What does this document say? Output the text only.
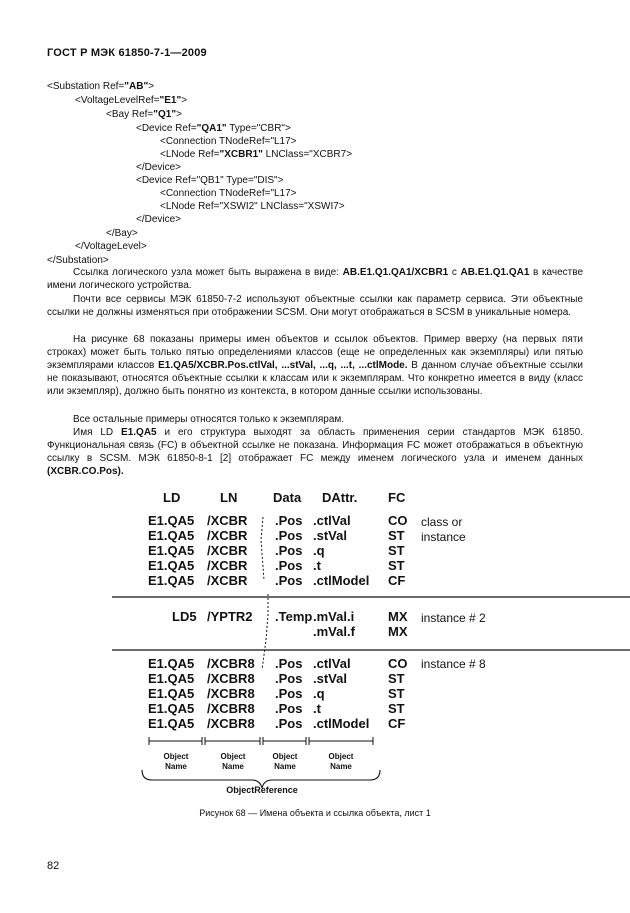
ГОСТ Р МЭК 61850-7-1—2009
<Substation Ref="AB">
<VoltageLevelRef="E1">
<Bay Ref="Q1">
<Device Ref="QA1" Type="CBR">
<Connection TNodeRef="L17>
<LNode Ref="XCBR1" LNClass="XCBR7>
</Device>
<Device Ref="QB1" Type="DIS">
<Connection TNodeRef="L17>
<LNode Ref="XSWI2" LNClass="XSWI7>
</Device>
</Bay>
</VoltageLevel>
</Substation>
Ссылка логического узла может быть выражена в виде: AB.E1.Q1.QA1/XCBR1 с AB.E1.Q1.QA1 в качестве имени логического устройства.
Почти все сервисы МЭК 61850-7-2 используют объектные ссылки как параметр сервиса. Эти объектные ссылки не должны изменяться при отображении SCSM. Они могут отображаться в SCSM в уникальные номера.
На рисунке 68 показаны примеры имен объектов и ссылок объектов. Пример вверху (на первых пяти строках) может быть только пятью определениями классов (еще не определенных как экземпляры) или пятью экземплярами классов E1.QA5/XCBR.Pos.ctlVal, ...stVal, ...q, ...t, ...ctlMode. В данном случае объектные ссылки не показывают, относятся объектные ссылки к классам или к экземплярам. Что конкретно имеется в виду (класс или экземпляр), должно быть понятно из контекста, в котором данные ссылки использованы.
Все остальные примеры относятся только к экземплярам.
Имя LD E1.QA5 и его структура выходят за область применения серии стандартов МЭК 61850. Функциональная связь (FC) в объектной ссылке не показана. Информация FC может отображаться в объектную ссылку в SCSM. МЭК 61850-8-1 [2] отображает FC между именем логического узла и именем данных (XCBR.CO.Pos).
LD	LN	Data DAttr. FC
E1.QA5 /XCBR .Pos .ctlVal	CO
E1.QA5 /XCBR .Pos .stVal	ST
E1.QA5 /XCBR .Pos .q	ST
E1.QA5 /XCBR .Pos .t	ST
E1.QA5 /XCBR .Pos .ctlModel CF
class or
instance
LD5 /YPTR2 .Temp .mVal.i	MX
.mVal.f	MX
instance # 2
E1.QA5 /XCBR8 .Pos .ctlVal	CO
E1.QA5 /XCBR8 .Pos .stVal	ST
E1.QA5 /XCBR8 .Pos .q	ST
E1.QA5 /XCBR8 .Pos .t	ST
E1.QA5 /XCBR8 .Pos .ctlModel CF
instance # 8
Object
Name
Object
Name
Object
Name
Object
Name
ObjectReference
Рисунок 68 — Имена объекта и ссылка объекта, лист 1
82
